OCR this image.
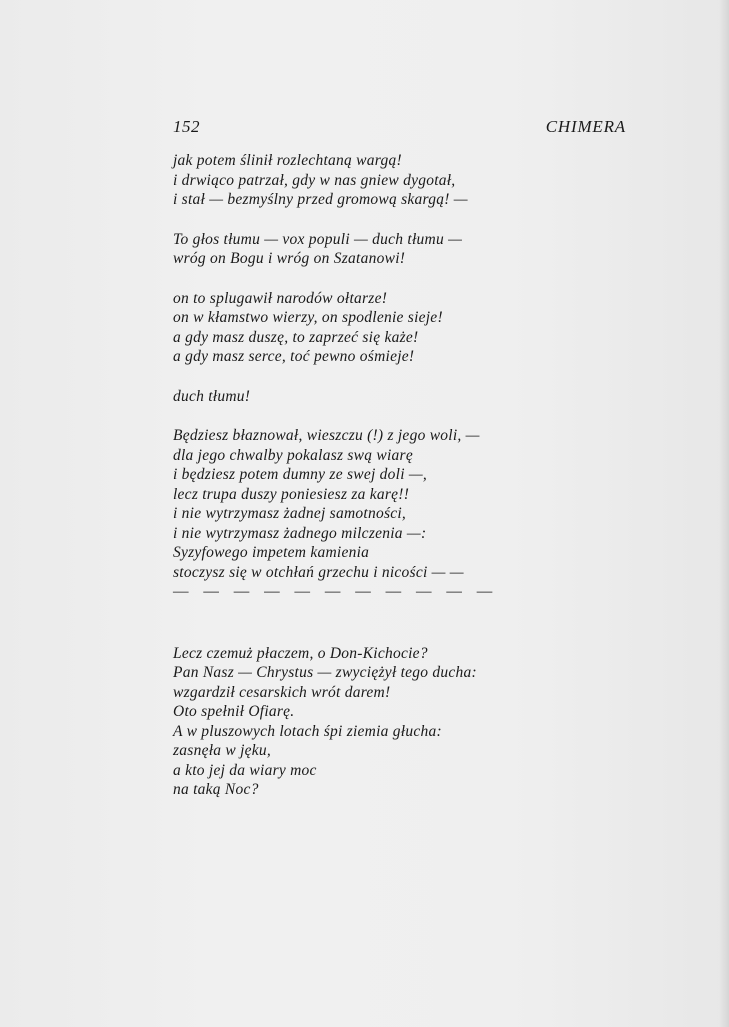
152	CHIMERA
jak potem ślinił rozlechtaną wargą!
i drwiąco patrzał, gdy w nas gniew dygotał,
i stał — bezmyślny przed gromową skargą! —
To głos tłumu — vox populi — duch tłumu —
wróg on Bogu i wróg on Szatanowi!
on to splugawił narodów ołtarze!
on w kłamstwo wierzy, on spodlenie sieje!
a gdy masz duszę, to zaprzeć się każe!
a gdy masz serce, toć pewno ośmieje!
duch tłumu!
Będziesz błaznował, wieszczu (!) z jego woli, —
dla jego chwalby pokalasz swą wiarę
i będziesz potem dumny ze swej doli —,
lecz trupa duszy poniesiesz za karę!!
i nie wytrzymasz żadnej samotności,
i nie wytrzymasz żadnego milczenia —:
Syzyfowego impetem kamienia
stoczysz się w otchłań grzechu i nicości — —
— — — — — — — — — — —
Lecz czemuż płaczem, o Don-Kichocie?
Pan Nasz — Chrystus — zwyciężył tego ducha:
wzgardził cesarskich wrót darem!
Oto spełnił Ofiarę.
A w pluszowych lotach śpi ziemia głucha:
zasnęła w jęku,
a kto jej da wiary moc
na taką Noc?
